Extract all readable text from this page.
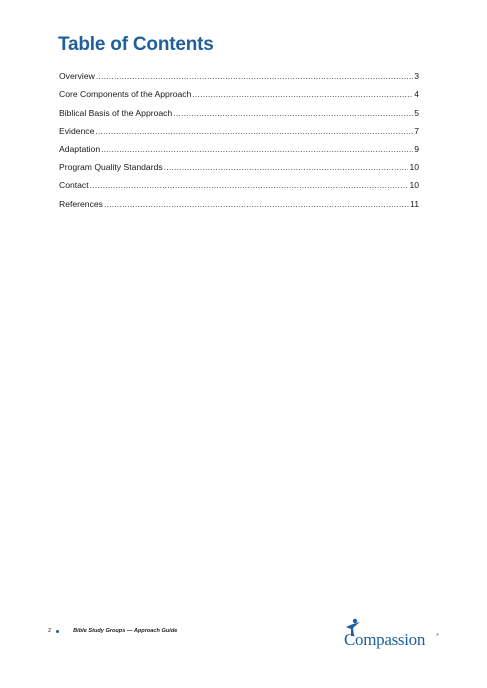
Table of Contents
Overview .....	3
Core Components of the Approach .....	4
Biblical Basis of the Approach .....	5
Evidence .....	7
Adaptation .....	9
Program Quality Standards .....	10
Contact .....	10
References .....	11
2	Bible Study Groups — Approach Guide	Compassion	®
